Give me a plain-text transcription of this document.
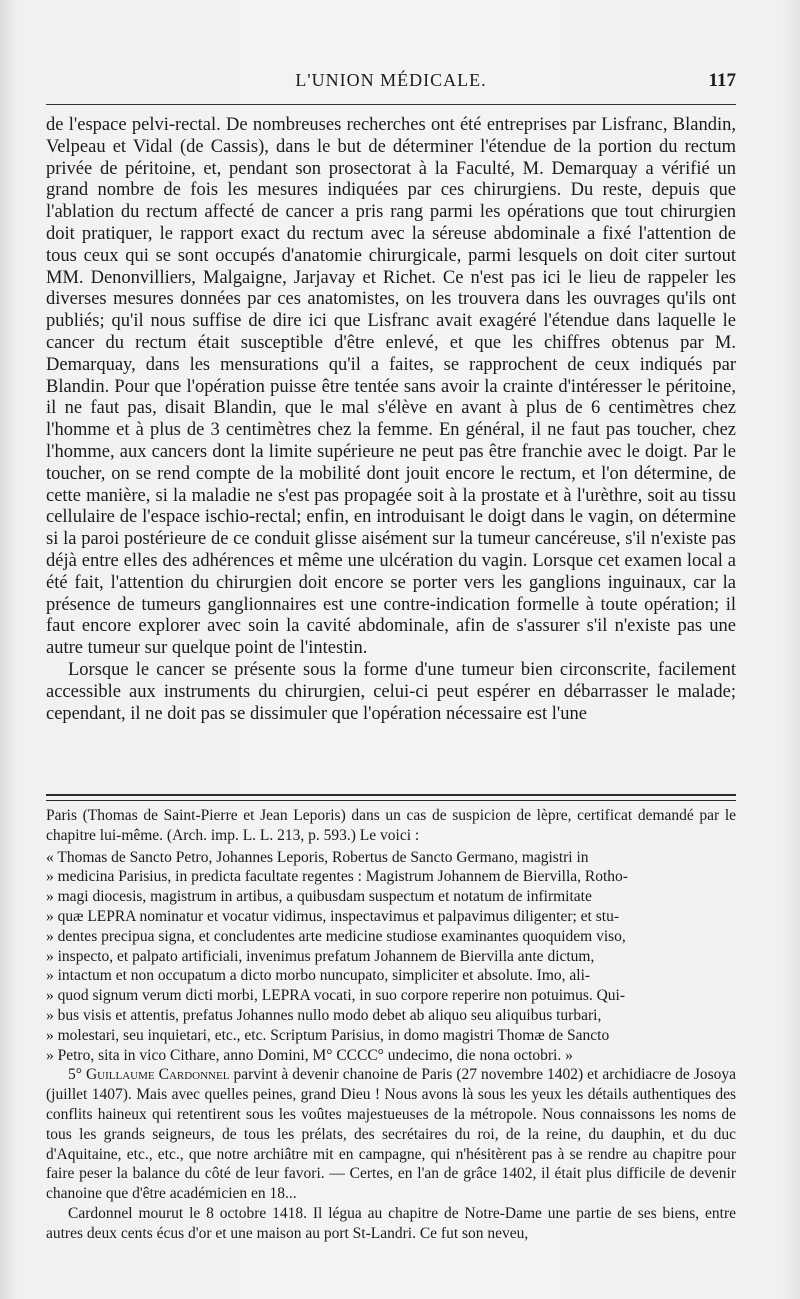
L'UNION MÉDICALE.	117

de l'espace pelvi-rectal. De nombreuses recherches ont été entreprises par Lisfranc, Blandin, Velpeau et Vidal (de Cassis), dans le but de déterminer l'étendue de la portion du rectum privée de péritoine, et, pendant son prosectorat à la Faculté, M. Demarquay a vérifié un grand nombre de fois les mesures indiquées par ces chirurgiens. Du reste, depuis que l'ablation du rectum affecté de cancer a pris rang parmi les opérations que tout chirurgien doit pratiquer, le rapport exact du rectum avec la séreuse abdominale a fixé l'attention de tous ceux qui se sont occupés d'anatomie chirurgicale, parmi lesquels on doit citer surtout MM. Denonvilliers, Malgaigne, Jarjavay et Richet. Ce n'est pas ici le lieu de rappeler les diverses mesures données par ces anatomistes, on les trouvera dans les ouvrages qu'ils ont publiés; qu'il nous suffise de dire ici que Lisfranc avait exagéré l'étendue dans laquelle le cancer du rectum était susceptible d'être enlevé, et que les chiffres obtenus par M. Demarquay, dans les mensurations qu'il a faites, se rapprochent de ceux indiqués par Blandin. Pour que l'opération puisse être tentée sans avoir la crainte d'intéresser le péritoine, il ne faut pas, disait Blandin, que le mal s'élève en avant à plus de 6 centimètres chez l'homme et à plus de 3 centimètres chez la femme. En général, il ne faut pas toucher, chez l'homme, aux cancers dont la limite supérieure ne peut pas être franchie avec le doigt. Par le toucher, on se rend compte de la mobilité dont jouit encore le rectum, et l'on détermine, de cette manière, si la maladie ne s'est pas propagée soit à la prostate et à l'urèthre, soit au tissu cellulaire de l'espace ischio-rectal; enfin, en introduisant le doigt dans le vagin, on détermine si la paroi postérieure de ce conduit glisse aisément sur la tumeur cancéreuse, s'il n'existe pas déjà entre elles des adhérences et même une ulcération du vagin. Lorsque cet examen local a été fait, l'attention du chirurgien doit encore se porter vers les ganglions inguinaux, car la présence de tumeurs ganglionnaires est une contre-indication formelle à toute opération; il faut encore explorer avec soin la cavité abdominale, afin de s'assurer s'il n'existe pas une autre tumeur sur quelque point de l'intestin.

Lorsque le cancer se présente sous la forme d'une tumeur bien circonscrite, facilement accessible aux instruments du chirurgien, celui-ci peut espérer en débarrasser le malade; cependant, il ne doit pas se dissimuler que l'opération nécessaire est l'une

Paris (Thomas de Saint-Pierre et Jean Leporis) dans un cas de suspicion de lèpre, certificat demandé par le chapitre lui-même. (Arch. imp. L. L. 213, p. 593.) Le voici :

« Thomas de Sancto Petro, Johannes Leporis, Robertus de Sancto Germano, magistri in
» medicina Parisius, in predicta facultate regentes : Magistrum Johannem de Biervilla, Rotho-
» magi diocesis, magistrum in artibus, a quibusdam suspectum et notatum de infirmitate
» quæ LEPRA nominatur et vocatur vidimus, inspectavimus et palpavimus diligenter; et stu-
» dentes precipua signa, et concludentes arte medicine studiose examinantes quoquidem viso,
» inspecto, et palpato artificiali, invenimus prefatum Johannem de Biervilla ante dictum,
» intactum et non occupatum a dicto morbo nuncupato, simpliciter et absolute. Imo, ali-
» quod signum verum dicti morbi, LEPRA vocati, in suo corpore reperire non potuimus. Qui-
» bus visis et attentis, prefatus Johannes nullo modo debet ab aliquo seu aliquibus turbari,
» molestari, seu inquietari, etc., etc. Scriptum Parisius, in domo magistri Thomæ de Sancto
» Petro, sita in vico Cithare, anno Domini, M° CCCC° undecimo, die nona octobri. »

5° Guillaume Cardonnel parvint à devenir chanoine de Paris (27 novembre 1402) et archidiacre de Josoya (juillet 1407). Mais avec quelles peines, grand Dieu ! Nous avons là sous les yeux les détails authentiques des conflits haineux qui retentirent sous les voûtes majestueuses de la métropole. Nous connaissons les noms de tous les grands seigneurs, de tous les prélats, des secrétaires du roi, de la reine, du dauphin, et du duc d'Aquitaine, etc., etc., que notre archiâtre mit en campagne, qui n'hésitèrent pas à se rendre au chapitre pour faire peser la balance du côté de leur favori. — Certes, en l'an de grâce 1402, il était plus difficile de devenir chanoine que d'être académicien en 18...

Cardonnel mourut le 8 octobre 1418. Il légua au chapitre de Notre-Dame une partie de ses biens, entre autres deux cents écus d'or et une maison au port St-Landri. Ce fut son neveu,
